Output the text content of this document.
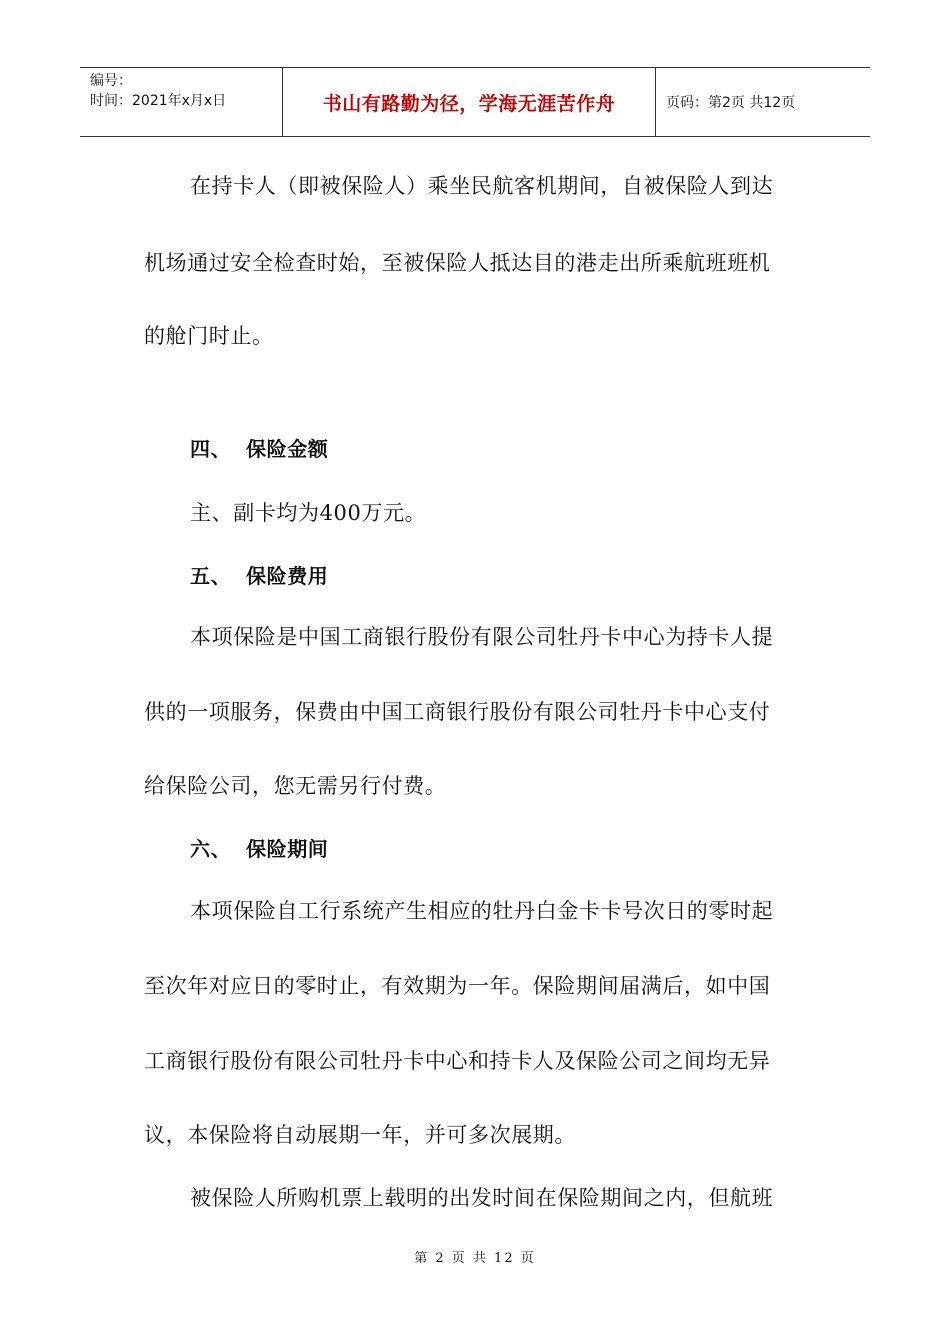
编号：
时间：2021年x月x日	书山有路勤为径，学海无涯苦作舟	页码：第2页 共12页
在持卡人（即被保险人）乘坐民航客机期间，自被保险人到达
机场通过安全检查时始，至被保险人抵达目的港走出所乘航班班机
的舱门时止。
四、 保险金额
主、副卡均为400万元。
五、 保险费用
本项保险是中国工商银行股份有限公司牡丹卡中心为持卡人提
供的一项服务，保费由中国工商银行股份有限公司牡丹卡中心支付
给保险公司，您无需另行付费。
六、 保险期间
本项保险自工行系统产生相应的牡丹白金卡卡号次日的零时起
至次年对应日的零时止，有效期为一年。保险期间届满后，如中国
工商银行股份有限公司牡丹卡中心和持卡人及保险公司之间均无异
议，本保险将自动展期一年，并可多次展期。
被保险人所购机票上载明的出发时间在保险期间之内，但航班
第 2 页 共 12 页
